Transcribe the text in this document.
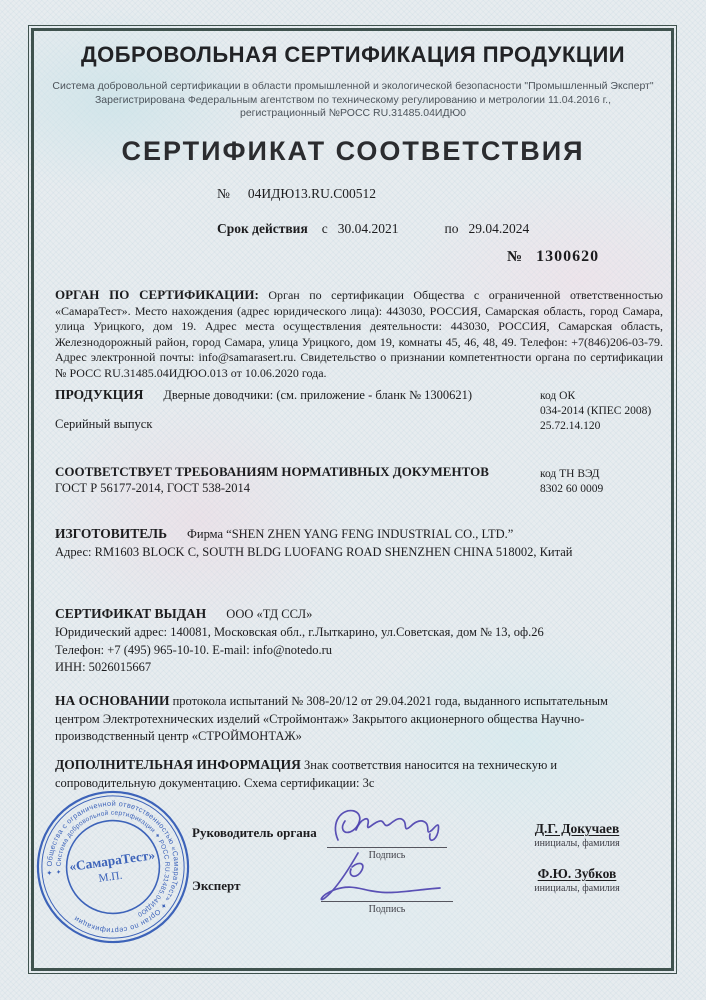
ДОБРОВОЛЬНАЯ СЕРТИФИКАЦИЯ ПРОДУКЦИИ
Система добровольной сертификации в области промышленной и экологической безопасности "Промышленный Эксперт"
Зарегистрирована Федеральным агентством по техническому регулированию и метрологии 11.04.2016 г.,
регистрационный №РОСС RU.31485.04ИДЮ0
СЕРТИФИКАТ СООТВЕТСТВИЯ
№ 04ИДЮ13.RU.C00512
Срок действия с 30.04.2021	по 29.04.2024
№ 1300620
ОРГАН ПО СЕРТИФИКАЦИИ: Орган по сертификации Общества с ограниченной ответственностью «СамараТест». Место нахождения (адрес юридического лица): 443030, РОССИЯ, Самарская область, город Самара, улица Урицкого, дом 19. Адрес места осуществления деятельности: 443030, РОССИЯ, Самарская область, Железнодорожный район, город Самара, улица Урицкого, дом 19, комнаты 45, 46, 48, 49. Телефон: +7(846)206-03-79. Адрес электронной почты: info@samarasert.ru. Свидетельство о признании компетентности органа по сертификации № РОСС RU.31485.04ИДЮО.013 от 10.06.2020 года.
ПРОДУКЦИЯ Дверные доводчики: (см. приложение - бланк № 1300621)
Серийный выпуск
код ОК
034-2014 (КПЕС 2008)
25.72.14.120
СООТВЕТСТВУЕТ ТРЕБОВАНИЯМ НОРМАТИВНЫХ ДОКУМЕНТОВ
ГОСТ Р 56177-2014, ГОСТ 538-2014
код ТН ВЭД
8302 60 0009
ИЗГОТОВИТЕЛЬ Фирма “SHEN ZHEN YANG FENG INDUSTRIAL CO., LTD.”
Адрес: RM1603 BLOCK C, SOUTH BLDG LUOFANG ROAD SHENZHEN CHINA 518002, Китай
СЕРТИФИКАТ ВЫДАН ООО «ТД ССЛ»
Юридический адрес: 140081, Московская обл., г.Лыткарино, ул.Советская, дом № 13, оф.26
Телефон: +7 (495) 965-10-10. E-mail: info@notedo.ru
ИНН: 5026015667
НА ОСНОВАНИИ протокола испытаний № 308-20/12 от 29.04.2021 года, выданного испытательным центром Электротехнических изделий «Строймонтаж» Закрытого акционерного общества Научно-производственный центр «СТРОЙМОНТАЖ»
ДОПОЛНИТЕЛЬНАЯ ИНФОРМАЦИЯ Знак соответствия наносится на техническую и сопроводительную документацию. Схема сертификации: 3с
✦ Общества с ограниченной ответственностью «СамараТест» ✦ Орган по сертификации
✦ Система добровольной сертификации ✦ РОСС RU.31485.04ИДЮ0
«СамараТест»
М.П.
Руководитель органа
Эксперт
Подпись
Подпись
Д.Г. Докучаев
инициалы, фамилия
Ф.Ю. Зубков
инициалы, фамилия
